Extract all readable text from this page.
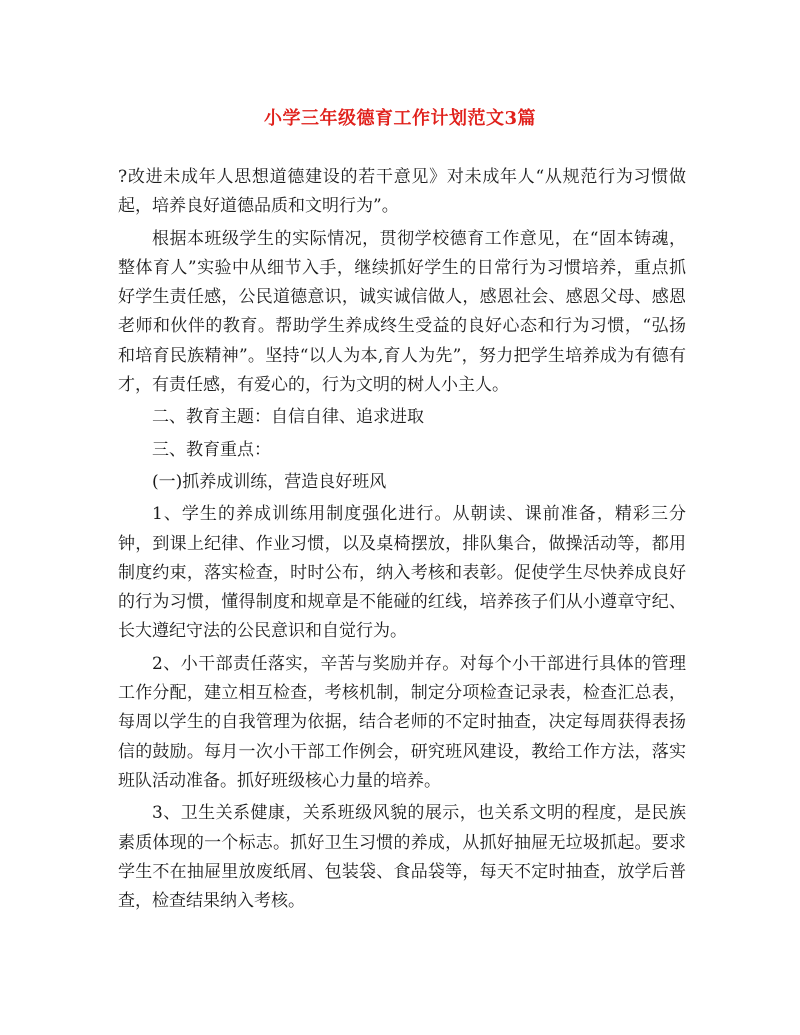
小学三年级德育工作计划范文3篇

?改进未成年人思想道德建设的若干意见》对未成年人“从规范行为习惯做起，培养良好道德品质和文明行为”。

根据本班级学生的实际情况，贯彻学校德育工作意见，在“固本铸魂，整体育人”实验中从细节入手，继续抓好学生的日常行为习惯培养，重点抓好学生责任感，公民道德意识，诚实诚信做人，感恩社会、感恩父母、感恩老师和伙伴的教育。帮助学生养成终生受益的良好心态和行为习惯，“弘扬和培育民族精神”。坚持“以人为本,育人为先”，努力把学生培养成为有德有才，有责任感，有爱心的，行为文明的树人小主人。

二、教育主题：自信自律、追求进取

三、教育重点：

(一)抓养成训练，营造良好班风

1、学生的养成训练用制度强化进行。从朝读、课前准备，精彩三分钟，到课上纪律、作业习惯，以及桌椅摆放，排队集合，做操活动等，都用制度约束，落实检查，时时公布，纳入考核和表彰。促使学生尽快养成良好的行为习惯，懂得制度和规章是不能碰的红线，培养孩子们从小遵章守纪、长大遵纪守法的公民意识和自觉行为。

2、小干部责任落实，辛苦与奖励并存。对每个小干部进行具体的管理工作分配，建立相互检查，考核机制，制定分项检查记录表，检查汇总表，每周以学生的自我管理为依据，结合老师的不定时抽查，决定每周获得表扬信的鼓励。每月一次小干部工作例会，研究班风建设，教给工作方法，落实班队活动准备。抓好班级核心力量的培养。

3、卫生关系健康，关系班级风貌的展示，也关系文明的程度，是民族素质体现的一个标志。抓好卫生习惯的养成，从抓好抽屉无垃圾抓起。要求学生不在抽屉里放废纸屑、包装袋、食品袋等，每天不定时抽查，放学后普查，检查结果纳入考核。
